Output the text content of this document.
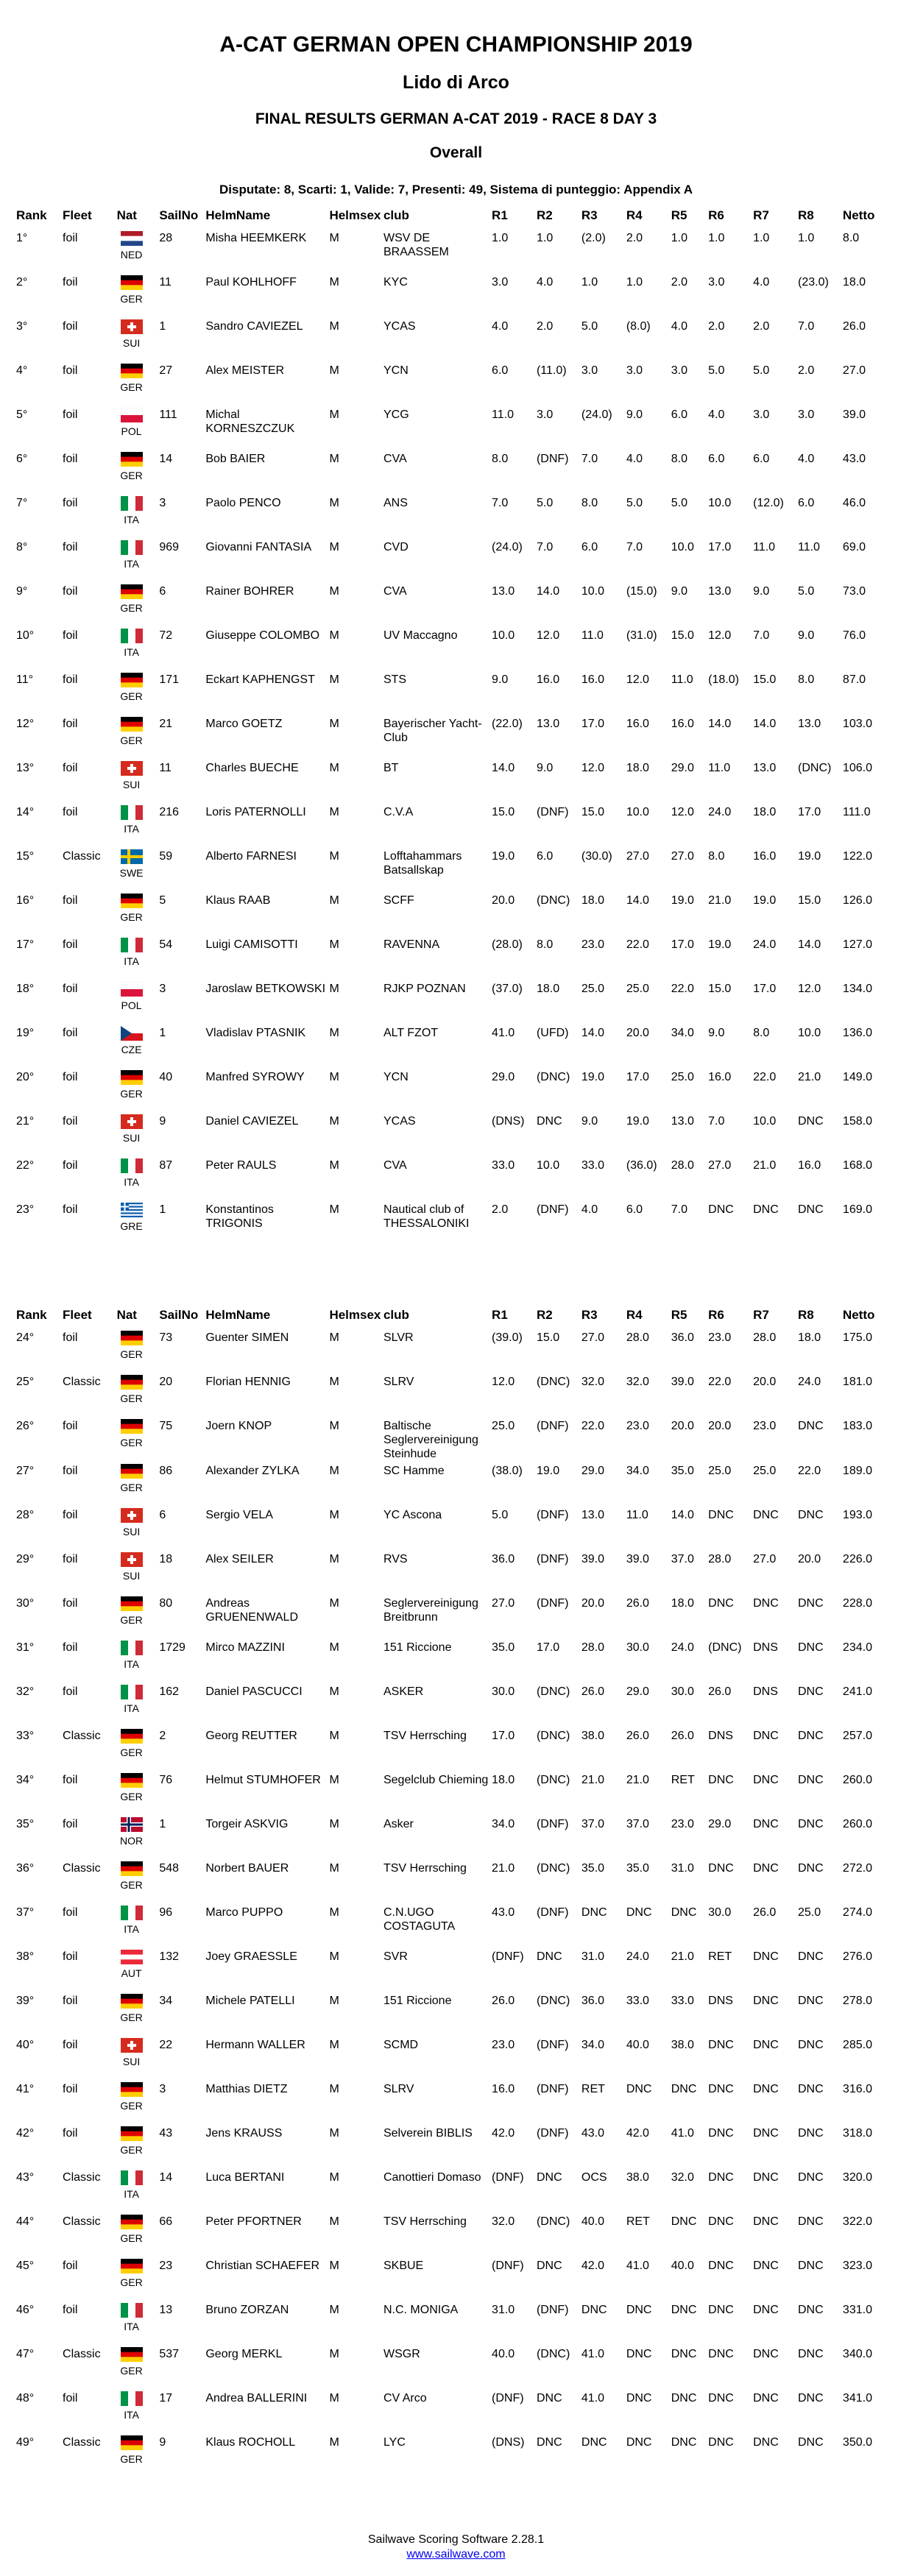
A-CAT GERMAN OPEN CHAMPIONSHIP 2019
Lido di Arco
FINAL RESULTS GERMAN A-CAT 2019 - RACE 8 DAY 3
Overall
Disputate: 8, Scarti: 1, Valide: 7, Presenti: 49, Sistema di punteggio: Appendix A
Rank	Fleet	Nat	SailNo	HelmName	Helmsex	club	R1	R2	R3	R4	R5	R6	R7	R8	Netto
1°	foil	NED	28	Misha HEEMKERK	M	WSV DE BRAASSEM	1.0	1.0	(2.0)	2.0	1.0	1.0	1.0	1.0	8.0
2°	foil	GER	11	Paul KOHLHOFF	M	KYC	3.0	4.0	1.0	1.0	2.0	3.0	4.0	(23.0)	18.0
3°	foil	SUI	1	Sandro CAVIEZEL	M	YCAS	4.0	2.0	5.0	(8.0)	4.0	2.0	2.0	7.0	26.0
4°	foil	GER	27	Alex MEISTER	M	YCN	6.0	(11.0)	3.0	3.0	3.0	5.0	5.0	2.0	27.0
5°	foil	POL	111	Michal KORNESZCZUK	M	YCG	11.0	3.0	(24.0)	9.0	6.0	4.0	3.0	3.0	39.0
6°	foil	GER	14	Bob BAIER	M	CVA	8.0	(DNF)	7.0	4.0	8.0	6.0	6.0	4.0	43.0
7°	foil	ITA	3	Paolo PENCO	M	ANS	7.0	5.0	8.0	5.0	5.0	10.0	(12.0)	6.0	46.0
8°	foil	ITA	969	Giovanni FANTASIA	M	CVD	(24.0)	7.0	6.0	7.0	10.0	17.0	11.0	11.0	69.0
9°	foil	GER	6	Rainer BOHRER	M	CVA	13.0	14.0	10.0	(15.0)	9.0	13.0	9.0	5.0	73.0
10°	foil	ITA	72	Giuseppe COLOMBO	M	UV Maccagno	10.0	12.0	11.0	(31.0)	15.0	12.0	7.0	9.0	76.0
11°	foil	GER	171	Eckart KAPHENGST	M	STS	9.0	16.0	16.0	12.0	11.0	(18.0)	15.0	8.0	87.0
12°	foil	GER	21	Marco GOETZ	M	Bayerischer Yacht-Club	(22.0)	13.0	17.0	16.0	16.0	14.0	14.0	13.0	103.0
13°	foil	SUI	11	Charles BUECHE	M	BT	14.0	9.0	12.0	18.0	29.0	11.0	13.0	(DNC)	106.0
14°	foil	ITA	216	Loris PATERNOLLI	M	C.V.A	15.0	(DNF)	15.0	10.0	12.0	24.0	18.0	17.0	111.0
15°	Classic	SWE	59	Alberto FARNESI	M	Lofftahammars Batsallskap	19.0	6.0	(30.0)	27.0	27.0	8.0	16.0	19.0	122.0
16°	foil	GER	5	Klaus RAAB	M	SCFF	20.0	(DNC)	18.0	14.0	19.0	21.0	19.0	15.0	126.0
17°	foil	ITA	54	Luigi CAMISOTTI	M	RAVENNA	(28.0)	8.0	23.0	22.0	17.0	19.0	24.0	14.0	127.0
18°	foil	POL	3	Jaroslaw BETKOWSKI	M	RJKP POZNAN	(37.0)	18.0	25.0	25.0	22.0	15.0	17.0	12.0	134.0
19°	foil	CZE	1	Vladislav PTASNIK	M	ALT FZOT	41.0	(UFD)	14.0	20.0	34.0	9.0	8.0	10.0	136.0
20°	foil	GER	40	Manfred SYROWY	M	YCN	29.0	(DNC)	19.0	17.0	25.0	16.0	22.0	21.0	149.0
21°	foil	SUI	9	Daniel CAVIEZEL	M	YCAS	(DNS)	DNC	9.0	19.0	13.0	7.0	10.0	DNC	158.0
22°	foil	ITA	87	Peter RAULS	M	CVA	33.0	10.0	33.0	(36.0)	28.0	27.0	21.0	16.0	168.0
23°	foil	GRE	1	Konstantinos TRIGONIS	M	Nautical club of THESSALONIKI	2.0	(DNF)	4.0	6.0	7.0	DNC	DNC	DNC	169.0
Rank	Fleet	Nat	SailNo	HelmName	Helmsex	club	R1	R2	R3	R4	R5	R6	R7	R8	Netto
24°	foil	GER	73	Guenter SIMEN	M	SLVR	(39.0)	15.0	27.0	28.0	36.0	23.0	28.0	18.0	175.0
25°	Classic	GER	20	Florian HENNIG	M	SLRV	12.0	(DNC)	32.0	32.0	39.0	22.0	20.0	24.0	181.0
26°	foil	GER	75	Joern KNOP	M	Baltische Seglervereinigung Steinhude	25.0	(DNF)	22.0	23.0	20.0	20.0	23.0	DNC	183.0
27°	foil	GER	86	Alexander ZYLKA	M	SC Hamme	(38.0)	19.0	29.0	34.0	35.0	25.0	25.0	22.0	189.0
28°	foil	SUI	6	Sergio VELA	M	YC Ascona	5.0	(DNF)	13.0	11.0	14.0	DNC	DNC	DNC	193.0
29°	foil	SUI	18	Alex SEILER	M	RVS	36.0	(DNF)	39.0	39.0	37.0	28.0	27.0	20.0	226.0
30°	foil	GER	80	Andreas GRUENENWALD	M	Seglervereinigung Breitbrunn	27.0	(DNF)	20.0	26.0	18.0	DNC	DNC	DNC	228.0
31°	foil	ITA	1729	Mirco MAZZINI	M	151 Riccione	35.0	17.0	28.0	30.0	24.0	(DNC)	DNS	DNC	234.0
32°	foil	ITA	162	Daniel PASCUCCI	M	ASKER	30.0	(DNC)	26.0	29.0	30.0	26.0	DNS	DNC	241.0
33°	Classic	GER	2	Georg REUTTER	M	TSV Herrsching	17.0	(DNC)	38.0	26.0	26.0	DNS	DNC	DNC	257.0
34°	foil	GER	76	Helmut STUMHOFER	M	Segelclub Chieming	18.0	(DNC)	21.0	21.0	RET	DNC	DNC	DNC	260.0
35°	foil	NOR	1	Torgeir ASKVIG	M	Asker	34.0	(DNF)	37.0	37.0	23.0	29.0	DNC	DNC	260.0
36°	Classic	GER	548	Norbert BAUER	M	TSV Herrsching	21.0	(DNC)	35.0	35.0	31.0	DNC	DNC	DNC	272.0
37°	foil	ITA	96	Marco PUPPO	M	C.N.UGO COSTAGUTA	43.0	(DNF)	DNC	DNC	DNC	30.0	26.0	25.0	274.0
38°	foil	AUT	132	Joey GRAESSLE	M	SVR	(DNF)	DNC	31.0	24.0	21.0	RET	DNC	DNC	276.0
39°	foil	GER	34	Michele PATELLI	M	151 Riccione	26.0	(DNC)	36.0	33.0	33.0	DNS	DNC	DNC	278.0
40°	foil	SUI	22	Hermann WALLER	M	SCMD	23.0	(DNF)	34.0	40.0	38.0	DNC	DNC	DNC	285.0
41°	foil	GER	3	Matthias DIETZ	M	SLRV	16.0	(DNF)	RET	DNC	DNC	DNC	DNC	DNC	316.0
42°	foil	GER	43	Jens KRAUSS	M	Selverein BIBLIS	42.0	(DNF)	43.0	42.0	41.0	DNC	DNC	DNC	318.0
43°	Classic	ITA	14	Luca BERTANI	M	Canottieri Domaso	(DNF)	DNC	OCS	38.0	32.0	DNC	DNC	DNC	320.0
44°	Classic	GER	66	Peter PFORTNER	M	TSV Herrsching	32.0	(DNC)	40.0	RET	DNC	DNC	DNC	DNC	322.0
45°	foil	GER	23	Christian SCHAEFER	M	SKBUE	(DNF)	DNC	42.0	41.0	40.0	DNC	DNC	DNC	323.0
46°	foil	ITA	13	Bruno ZORZAN	M	N.C. MONIGA	31.0	(DNF)	DNC	DNC	DNC	DNC	DNC	DNC	331.0
47°	Classic	GER	537	Georg MERKL	M	WSGR	40.0	(DNC)	41.0	DNC	DNC	DNC	DNC	DNC	340.0
48°	foil	ITA	17	Andrea BALLERINI	M	CV Arco	(DNF)	DNC	41.0	DNC	DNC	DNC	DNC	DNC	341.0
49°	Classic	GER	9	Klaus ROCHOLL	M	LYC	(DNS)	DNC	DNC	DNC	DNC	DNC	DNC	DNC	350.0
Sailwave Scoring Software 2.28.1
www.sailwave.com
